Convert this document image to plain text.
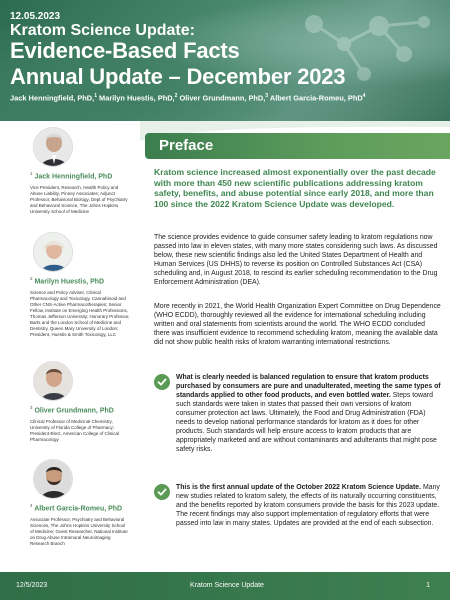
12.05.2023
Kratom Science Update:
Evidence-Based Facts
Annual Update – December 2023
Jack Henningfield, PhD,$^1$ Marilyn Huestis, PhD,$^2$ Oliver Grundmann, PhD,$^3$ Albert Garcia-Romeu, PhD$^4$
$^1$ Jack Henningfield, PhD
Vice President, Research, Health Policy and Abuse Liability, Pinney Associates; Adjunct Professor, Behavioral Biology, Dept of Psychiatry and Behavioral Science, The Johns Hopkins University School of Medicine
$^2$ Marilyn Huestis, PhD
Science and Policy Adviser, Clinical Pharmacology and Toxicology, Cannabinoid and Other CNS-Active Pharmacotherapies; Senior Fellow, Institute on Emerging Health Professions, Thomas Jefferson University; Honorary Professor, Barts and the London School of Medicine and Dentistry, Queen Mary University of London; President, Huestis & Smith Toxicology, LLC
$^3$ Oliver Grundmann, PhD
Clinical Professor of Medicinal Chemistry, University of Florida College of Pharmacy; President-Elect, American College of Clinical Pharmacology
$^4$ Albert Garcia-Romeu, PhD
Associate Professor, Psychiatry and Behavioral Sciences, The Johns Hopkins University School of Medicine; Guest Researcher, National Institute on Drug Abuse Intramural Neuroimaging Research Branch
Preface
Kratom science increased almost exponentially over the past decade with more than 450 new scientific publications addressing kratom safety, benefits, and abuse potential since early 2018, and more than 100 since the 2022 Kratom Science Update was developed.
The science provides evidence to guide consumer safety leading to kratom regulations now passed into law in eleven states, with many more states considering such laws. As discussed below, these new scientific findings also led the United States Department of Health and Human Services (US DHHS) to reverse its position on Controlled Substances Act (CSA) scheduling and, in August 2018, to rescind its earlier scheduling recommendation to the Drug Enforcement Administration (DEA).
More recently in 2021, the World Health Organization Expert Committee on Drug Dependence (WHO ECDD), thoroughly reviewed all the evidence for international scheduling including written and oral statements from scientists around the world. The WHO ECDD concluded there was insufficient evidence to recommend scheduling kratom, meaning the available data did not show public health risks of kratom warranting international restrictions.
What is clearly needed is balanced regulation to ensure that kratom products purchased by consumers are pure and unadulterated, meeting the same types of standards applied to other food products, and even bottled water. Steps toward such standards were taken in states that passed their own versions of kratom consumer protection act laws. Ultimately, the Food and Drug Administration (FDA) needs to develop national performance standards for kratom as it does for other products. Such standards will help ensure access to kratom products that are appropriately marketed and are without contaminants and adulterants that might pose safety risks.
This is the first annual update of the October 2022 Kratom Science Update. Many new studies related to kratom safety, the effects of its naturally occurring constituents, and the benefits reported by kratom consumers provide the basis for this 2023 update. The recent findings may also support implementation of regulatory efforts that were passed into law in many states. Updates are provided at the end of each subsection.
12/5/2023	Kratom Science Update	1
